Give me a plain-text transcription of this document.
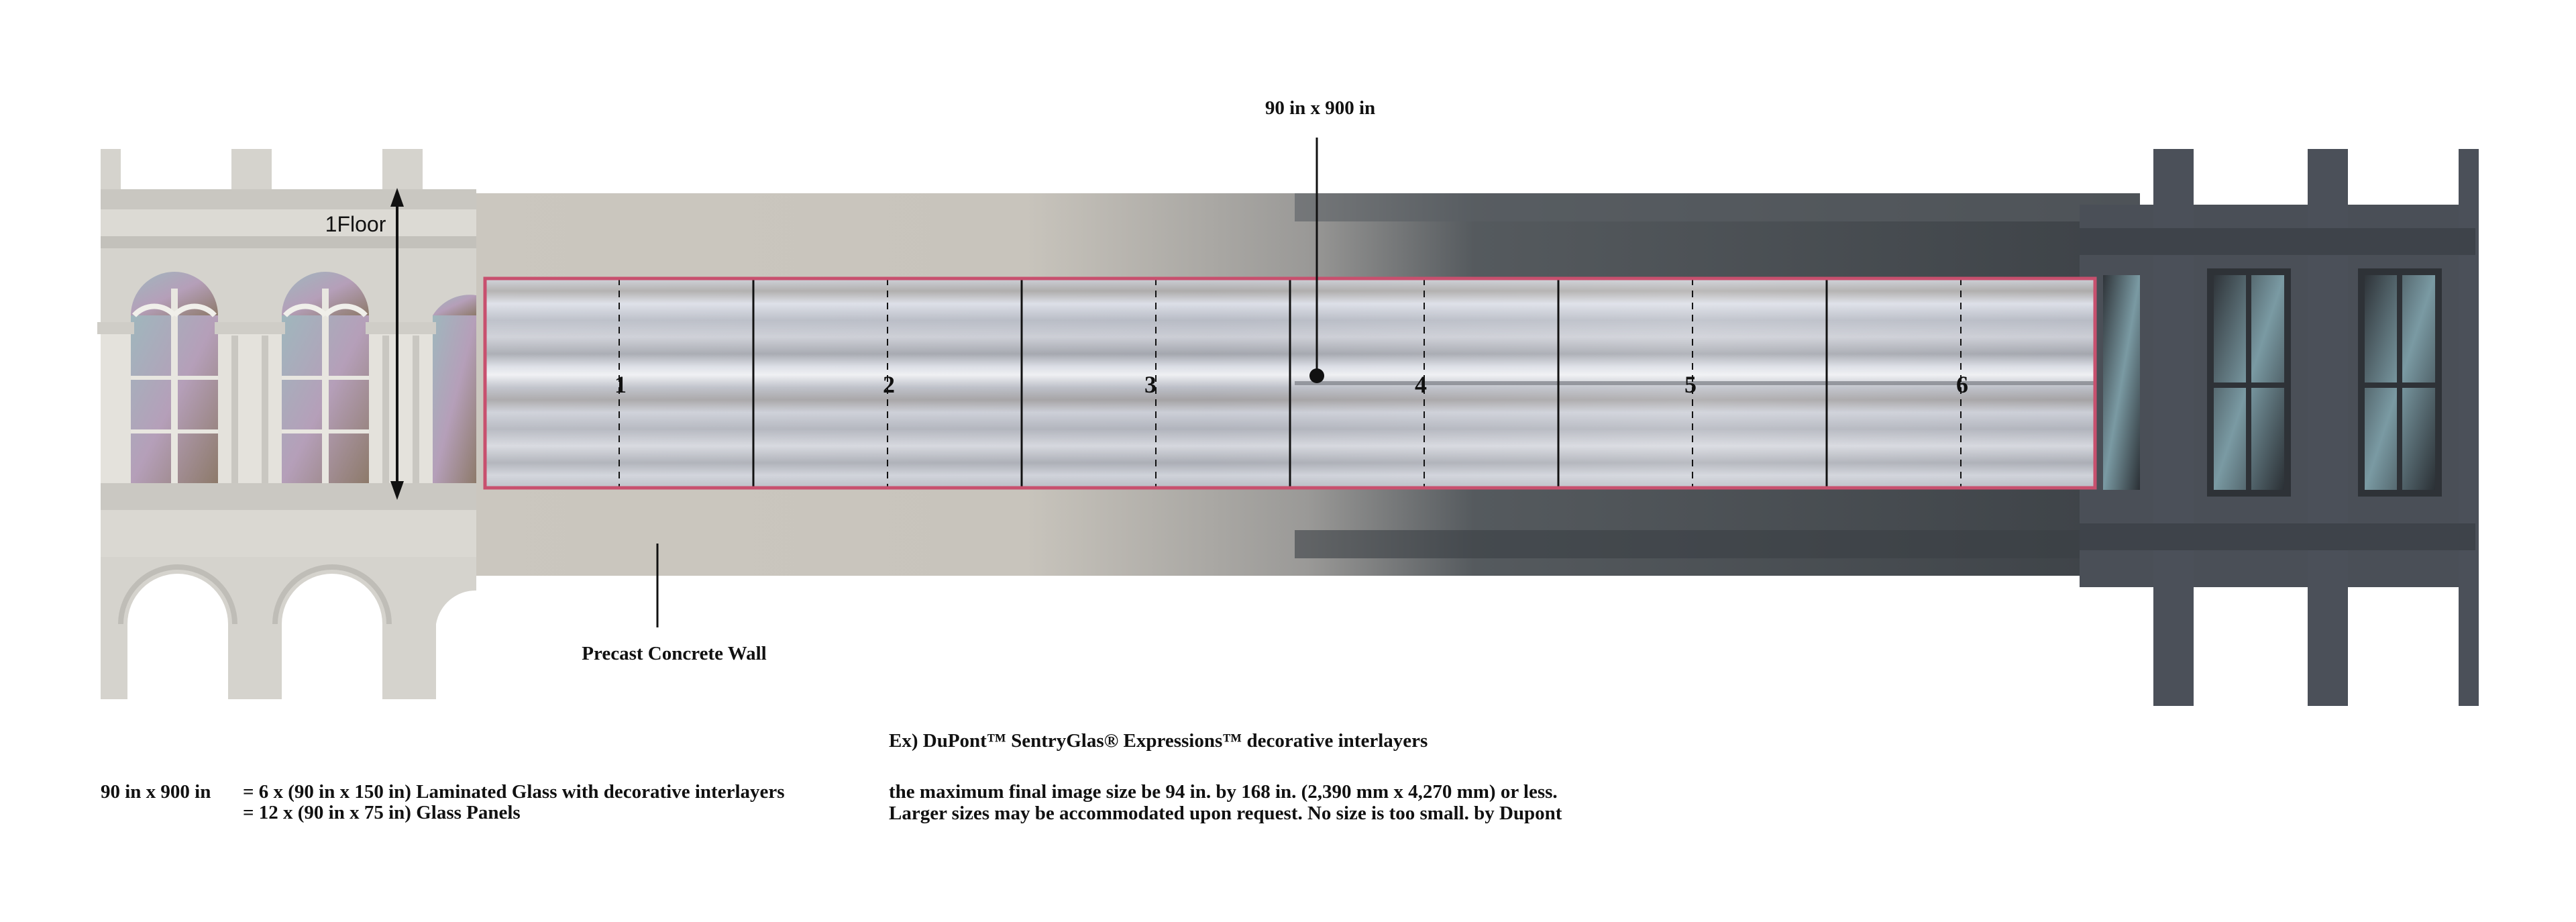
1	2	3	4	5	6
1Floor
90 in x 900 in
Precast Concrete Wall
90 in x 900 in = 6 x (90 in x 150 in) Laminated Glass with decorative interlayers
= 12 x (90 in x 75 in) Glass Panels
Ex) DuPont™ SentryGlas® Expressions™ decorative interlayers
the maximum final image size be 94 in. by 168 in. (2,390 mm x 4,270 mm) or less.
Larger sizes may be accommodated upon request. No size is too small. by Dupont
